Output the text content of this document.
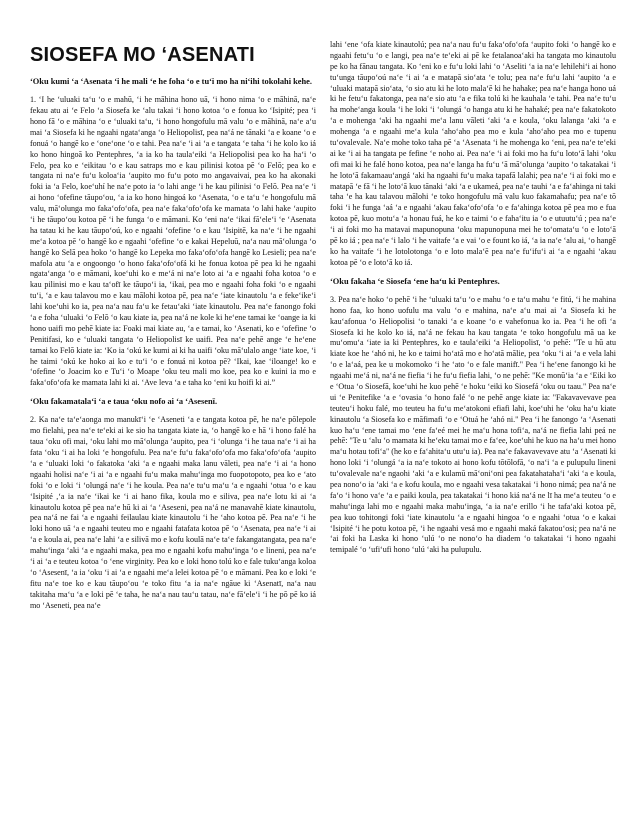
SIOSEFA MO ‘ASENATI

‘Oku kumi ‘a ‘Asenata ‘i he mali ‘e he foha ‘o e tu‘i mo ha ni‘ihi tokolahi kehe.

1. ‘I he ‘uluaki ta‘u ‘o e mahū, ‘i he māhina hono uā, ‘i hono nima ‘o e māhinā, na‘e fekau atu ai ‘e Felo ‘a Siosefa ke ‘alu takai ‘i hono kotoa ‘o e fonua ko ‘Isipité; pea ‘i hono fā ‘o e māhina ‘o e ‘uluaki ta‘u, ‘i hono hongofulu mā valu ‘o e māhinā, na‘e a‘u mai ‘a Siosefa ki he ngaahi ngata‘anga ‘o Heliopolisī, pea na‘á ne tānaki ‘a e koane ‘o e fonuá ‘o hangē ko e ‘one‘one ‘o e tahi. Pea na‘e ‘i ai ‘a e tangata ‘e taha ‘i he kolo ko iá ko hono hingoā ko Pentephres, ‘a ia ko ha taula‘eiki ‘a Heliopolisi pea ko ha ha‘i ‘o Felo, pea ko e ‘eikitau ‘o e kau satraps mo e kau pilinisi kotoa pē ‘o Felō; pea ko e tangata ni na‘e fu‘u koloa‘ia ‘aupito mo fu‘u poto mo angavaivai, pea ko ha akonaki foki ia ‘a Felo, koe‘uhí he na‘e poto ia ‘o lahi ange ‘i he kau pilinisi ‘o Felō. Pea na‘e ‘i ai hono ‘ofefine tāupo‘ou, ‘a ia ko hono hingoá ko ‘Asenata, ‘o e ta‘u ‘e hongofulu mā valu, mā‘olunga mo faka‘ofo‘ofa, pea na‘e faka‘ofo‘ofa ke mamata ‘o lahi hake ‘aupito ‘i he tāupo‘ou kotoa pē ‘i he funga ‘o e māmani. Ko ‘eni na‘e ‘ikai fā‘ele‘i ‘e ‘Asenata ha tatau ki he kau tāupo‘oú, ko e ngaahi ‘ofefine ‘o e kau ‘Isipitē, ka na‘e ‘i he ngaahi me‘a kotoa pē ‘o hangē ko e ngaahi ‘ofefine ‘o e kakai Hepeluū, na‘a nau mā‘olunga ‘o hangē ko Selā pea hoko ‘o hangē ko Lepeka mo faka‘ofo‘ofa hangē ko Lesieli; pea na‘e mafola atu ‘a e ongoongo ‘o hono faka‘ofo‘ofá ki he fonua kotoa pē pea ki he ngaahi ngata‘anga ‘o e māmani, koe‘uhi ko e me‘á ni na‘e loto ai ‘a e ngaahi foha kotoa ‘o e kau pilinisi mo e kau ta‘ofī ke tāupo‘i ia, ‘ikai, pea mo e ngaahi foha foki ‘o e ngaahi tu‘i, ‘a e kau talavou mo e kau mālohi kotoa pē, pea na‘e ‘iate kinautolu ‘a e feke‘ike‘i lahi koe‘uhi ko ia, pea na‘a nau fa‘u ke fetau‘aki ‘iate kinautolu. Pea na‘e fanongo foki ‘a e foha ‘uluaki ‘o Felō ‘o kau kiate ia, pea na‘á ne kole ki he‘ene tamai ke ‘oange ia ki hono uaifi mo pehē kiate ia: Foaki mai kiate au, ‘a e tamai, ko ‘Asenati, ko e ‘ofefine ‘o Penitifasi, ko e ‘uluaki tangata ‘o Heliopolisī ke uaifi. Pea na‘e pehē ange ‘e he‘ene tamai ko Felō kiate ia: ‘Ko ia ‘okú ke kumi ai ki ha uaifi ‘oku mā‘ulalo ange ‘iate koe, ‘i he taimi ‘okú ke hoko ai ko e tu‘i ‘o e fonuá ni kotoa pē? ‘Ikai, kae ‘iloange! ko e ‘ofefine ‘o Joacim ko e Tu‘i ‘o Moape ‘oku teu mali mo koe, pea ko e kuini ia mo e faka‘ofo‘ofa ke mamata lahi ki ai. ‘Ave leva ‘a e taha ko ‘eni ku hoifi ki ai.”

‘Oku fakamatala‘i ‘a e taua ‘oku nofo ai ‘a ‘Asesenī.

2. Ka na‘e ta‘e‘aonga mo manukī‘i ‘e ‘Aseneti ‘a e tangata kotoa pē, he na‘e pōlepole mo fielahi, pea na‘e te‘eki ai ke sio ha tangata kiate ia, ‘o hangē ko e hā ‘i hono falé ha taua ‘oku ofi mai, ‘oku lahi mo mā‘olunga ‘aupito, pea ‘i ‘olunga ‘i he taua na‘e ‘i ai ha fata ‘oku ‘i ai ha loki ‘e hongofulu. Pea na‘e fu‘u faka‘ofo‘ofa mo faka‘ofo‘ofa ‘aupito ‘a e ‘uluaki loki ‘o fakatoka ‘aki ‘a e ngaahi maka lanu vāleti, pea na‘e ‘i ai ‘a hono ngaahi holisi na‘e ‘i ai ‘a e ngaahi fu‘u maka mahu‘inga mo fuopotopoto, pea ko e ‘ato foki ‘o e loki ‘i ‘olungá na‘e ‘i he koula. Pea na‘e tu‘u ma‘u ‘a e ngaahi ‘otua ‘o e kau ‘Isipité ,‘a ia na‘e ‘ikai ke ‘i ai hano fika, koula mo e siliva, pea na‘e lotu ki ai ‘a kinautolu kotoa pē pea na‘e hū ki ai ‘a ‘Aseseni, pea na‘á ne manavahē kiate kinautolu, pea na‘á ne fai ‘a e ngaahi feilaulau kiate kinautolu ‘i he ‘aho kotoa pē. Pea na‘e ‘i he loki hono uā ‘a e ngaahi teuteu mo e ngaahi fatafata kotoa pē ‘o ‘Asenata, pea na‘e ‘i ai ‘a e koula ai, pea na‘e lahi ‘a e silivā mo e kofu koulā na‘e ta‘e fakangatangata, pea na‘e mahu‘inga ‘aki ‘a e ngaahi maka, pea mo e ngaahi kofu mahu‘inga ‘o e lineni, pea na‘e ‘i ai ‘a e teuteu kotoa ‘o ‘ene virginity. Pea ko e loki hono tolú ko e fale tuku‘anga koloa ‘o ‘Asesenī, ‘a ia ‘oku ‘i ai ‘a e ngaahi me‘a lelei kotoa pē ‘o e māmani. Pea ko e loki ‘e fitu na‘e toe ko e kau tāupo‘ou ‘e toko fitu ‘a ia na‘e ngāue ki ‘Asenatī, na‘a nau takitaha ma‘u ‘a e loki pē ‘e taha, he na‘a nau tau‘u tatau, na‘e fā‘ele‘i ‘i he pō pē ko iá mo ‘Aseneti, pea na‘e

lahi ‘ene ‘ofa kiate kinautolú; pea na‘a nau fu‘u faka‘ofo‘ofa ‘aupito foki ‘o hangē ko e ngaahi fetu‘u ‘o e langi, pea na‘e te‘eki ai pē ke fetalanoa‘aki ha tangata mo kinautolu pe ko ha fānau tangata. Ko ‘eni ko e fu‘u loki lahi ‘o ‘Aseliti ‘a ia na‘e lehilehi‘i ai hono tu‘unga tāupo‘oú na‘e ‘i ai ‘a e matapā sio‘ata ‘e tolu; pea na‘e fu‘u lahi ‘aupito ‘a e ‘uluaki matapā sio‘ata, ‘o sio atu ki he loto mala‘ē ki he hahake; pea na‘e hanga hono uá ki he fetu‘u fakatonga, pea na‘e sio atu ‘a e fika tolú ki he kauhala ‘e tahi. Pea na‘e tu‘u ha mohe‘anga koula ‘i he loki ‘i ‘olungá ‘o hanga atu ki he hahaké; pea na‘e fakatokoto ‘a e mohenga ‘aki ha ngaahi me‘a lanu vāleti ‘aki ‘a e koula, ‘oku lalanga ‘aki ‘a e mohenga ‘a e ngaahi me‘a kula ‘aho‘aho pea mo e kula ‘aho‘aho pea mo e tupenu tu‘ovalevale. Na‘e mohe toko taha pē ‘a ‘Asenata ‘i he mohenga ko ‘eni, pea na‘e te‘eki ai ke ‘i ai ha tangata pe fefine ‘e noho ai. Pea na‘e ‘i ai foki mo ha fu‘u loto‘ā lahi ‘oku ofi mai ki he falé hono kotoa, pea na‘e langa ha fu‘u ‘ā mā‘olunga ‘aupito ‘o takatakai ‘i he loto‘ā fakamaau‘angá ‘aki ha ngaahi fu‘u maka tapafā lalahi; pea na‘e ‘i ai foki mo e matapā ‘e fā ‘i he loto‘ā kuo tānaki ‘aki ‘a e ukameá, pea na‘e tauhi ‘a e fa‘ahinga ni taki taha ‘e ha kau talavou mālohi ‘e toko hongofulu mā valu kuo fakamahafu; pea na‘e tō foki ‘i he funga ‘aá ‘a e ngaahi ‘akau faka‘ofo‘ofa ‘o e fa‘ahinga kotoa pē pea mo e fua kotoa pē, kuo motu‘a ‘a honau fuá, he ko e taimi ‘o e faha‘itu ia ‘o e utuutu‘ú ; pea na‘e ‘i ai foki mo ha matavai mapunopuna ‘oku mapunopuna mei he to‘omata‘u ‘o e loto‘ā pē ko iá ; pea na‘e ‘i lalo ‘i he vaitafe ‘a e vai ‘o e fount ko iá, ‘a ia na‘e ‘alu ai, ‘o hangē ko ha vaitafe ‘i he lotolotonga ‘o e loto mala‘ē pea na‘e fu‘ifu‘i ai ‘a e ngaahi ‘akau kotoa pē ‘o e loto‘ā ko iá.

‘Oku fakaha ‘e Siosefa ‘ene ha‘u ki Pentephres.

3. Pea na‘e hoko ‘o pehē ‘i he ‘uluaki ta‘u ‘o e mahu ‘o e ta‘u mahu ‘e fitú, ‘i he mahina hono faa, ko hono uofulu ma valu ‘o e mahina, na‘e a‘u mai ai ‘a Siosefa ki he kau‘afonua ‘o Heliopolisi ‘o tanaki ‘a e koane ‘o e vahefonua ko ia. Pea ‘i he ofi ‘a Siosefa ki he kolo ko iá, na‘á ne fekau ha kau tangata ‘e toko hongofulu mā ua ke mu‘omu‘a ‘iate ia ki Pentephres, ko e taula‘eiki ‘a Heliopolisī, ‘o pehē: "Te u hū atu kiate koe he ‘ahó ni, he ko e taimi ho‘atā mo e ho‘atā mālie, pea ‘oku ‘i ai ‘a e vela lahi ‘o e la‘aá, pea ke u mokomoko ‘i he ‘ato ‘o e fale manifī." Pea ‘i he‘ene fanongo ki he ngaahi me‘á ni, na‘á ne fiefia ‘i he fu‘u fiefia lahi, ‘o ne pehē: "Ke monū‘ia ‘a e ‘Eiki ko e ‘Otua ‘o Siosefā, koe‘uhi he kuo pehē ‘e hoku ‘eiki ko Siosefá ‘oku ou taau." Pea na‘e ui ‘e Penitefike ‘a e ‘ovasia ‘o hono falé ‘o ne pehē ange kiate ia: "Fakavavevave pea teuteu‘i hoku falé, mo teuteu ha fu‘u me‘atokoni efiafi lahi, koe‘uhi he ‘oku ha‘u kiate kinautolu ‘a Siosefa ko e māfimafi ‘o e ‘Otuá he ‘ahó ni." Pea ‘i he fanongo ‘a ‘Asenati kuo ha‘u ‘ene tamai mo ‘ene fa‘eé mei he ma‘u hona tofi‘a, na‘á ne fiefia lahi peá ne pehē: "Te u ‘alu ‘o mamata ki he‘eku tamai mo e fa‘ee, koe‘uhi he kuo na ha‘u mei hono ma‘u hotau tofi‘a" (he ko e fa‘ahita‘u utu‘u ia). Pea na‘e fakavavevave atu ‘a ‘Asenati ki hono loki ‘i ‘olungá ‘a ia na‘e tokoto ai hono kofu tōtōlofā, ‘o na‘i ‘a e pulupulu lineni tu‘ovalevale na‘e ngaohi ‘aki ‘a e kulamū mā‘oni‘oni pea fakatahataha‘i ‘aki ‘a e koula, pea nono‘o ia ‘aki ‘a e kofu koula, mo e ngaahi vesa takatakai ‘i hono nimá; pea na‘á ne fa‘o ‘i hono va‘e ‘a e paiki koula, pea takatakai ‘i hono kiá na‘á ne lī ha me‘a teuteu ‘o e mahu‘inga lahi mo e ngaahi maka mahu‘inga, ‘a ia na‘e erillo ‘i he tafa‘aki kotoa pē, pea kuo tohitongi foki ‘iate kinautolu ‘a e ngaahi hingoa ‘o e ngaahi ‘otua ‘o e kakai ‘Isipité ‘i he potu kotoa pē, ‘i he ngaahi vesá mo e ngaahi maká fakatou‘osi; pea na‘á ne ‘ai foki ha Laska ki hono ‘ulú ‘o ne nono‘o ha diadem ‘o takatakai ‘i hono ngaahi temipalé ‘o ‘ufi‘ufi hono ‘ulú ‘aki ha pulupulu.
